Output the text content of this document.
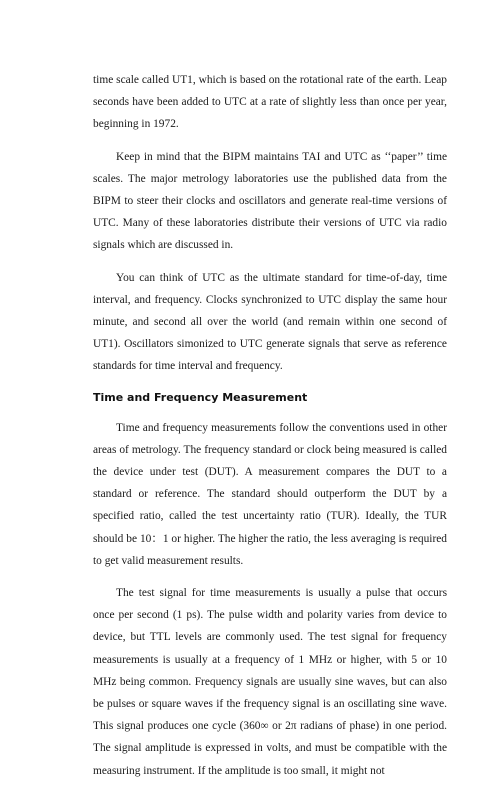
time scale called UT1, which is based on the rotational rate of the earth. Leap seconds have been added to UTC at a rate of slightly less than once per year, beginning in 1972.

Keep in mind that the BIPM maintains TAI and UTC as ‘‘paper’’ time scales. The major metrology laboratories use the published data from the BIPM to steer their clocks and oscillators and generate real-time versions of UTC. Many of these laboratories distribute their versions of UTC via radio signals which are discussed in.

You can think of UTC as the ultimate standard for time-of-day, time interval, and frequency. Clocks synchronized to UTC display the same hour minute, and second all over the world (and remain within one second of UT1). Oscillators simonized to UTC generate signals that serve as reference standards for time interval and frequency.

Time and Frequency Measurement

Time and frequency measurements follow the conventions used in other areas of metrology. The frequency standard or clock being measured is called the device under test (DUT). A measurement compares the DUT to a standard or reference. The standard should outperform the DUT by a specified ratio, called the test uncertainty ratio (TUR). Ideally, the TUR should be 10：1 or higher. The higher the ratio, the less averaging is required to get valid measurement results.

The test signal for time measurements is usually a pulse that occurs once per second (1 ps). The pulse width and polarity varies from device to device, but TTL levels are commonly used. The test signal for frequency measurements is usually at a frequency of 1 MHz or higher, with 5 or 10 MHz being common. Frequency signals are usually sine waves, but can also be pulses or square waves if the frequency signal is an oscillating sine wave. This signal produces one cycle (360∞ or 2π radians of phase) in one period. The signal amplitude is expressed in volts, and must be compatible with the measuring instrument. If the amplitude is too small, it might not
